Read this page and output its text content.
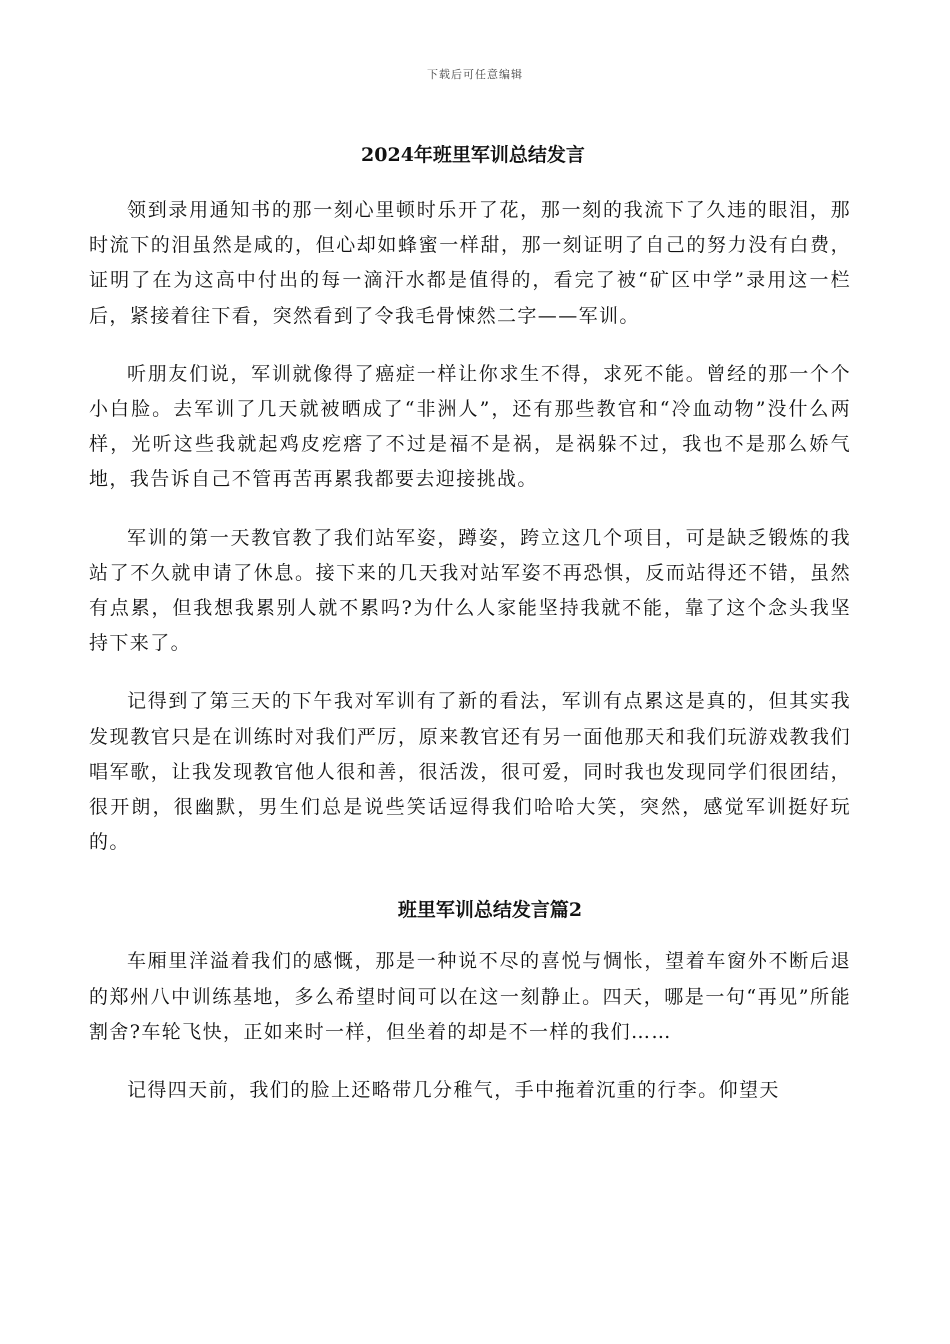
下载后可任意编辑
2024年班里军训总结发言

领到录用通知书的那一刻心里顿时乐开了花，那一刻的我流下了久违的眼泪，那时流下的泪虽然是咸的，但心却如蜂蜜一样甜，那一刻证明了自己的努力没有白费，证明了在为这高中付出的每一滴汗水都是值得的，看完了被“矿区中学”录用这一栏后，紧接着往下看，突然看到了令我毛骨悚然二字——军训。

听朋友们说，军训就像得了癌症一样让你求生不得，求死不能。曾经的那一个个小白脸。去军训了几天就被晒成了“非洲人”，还有那些教官和“冷血动物”没什么两样，光听这些我就起鸡皮疙瘩了不过是福不是祸，是祸躲不过，我也不是那么娇气地，我告诉自己不管再苦再累我都要去迎接挑战。

军训的第一天教官教了我们站军姿，蹲姿，跨立这几个项目，可是缺乏锻炼的我站了不久就申请了休息。接下来的几天我对站军姿不再恐惧，反而站得还不错，虽然有点累，但我想我累别人就不累吗?为什么人家能坚持我就不能，靠了这个念头我坚持下来了。

记得到了第三天的下午我对军训有了新的看法，军训有点累这是真的，但其实我发现教官只是在训练时对我们严厉，原来教官还有另一面他那天和我们玩游戏教我们唱军歌，让我发现教官他人很和善，很活泼，很可爱，同时我也发现同学们很团结，很开朗，很幽默，男生们总是说些笑话逗得我们哈哈大笑，突然，感觉军训挺好玩的。

班里军训总结发言篇2

车厢里洋溢着我们的感慨，那是一种说不尽的喜悦与惆怅，望着车窗外不断后退的郑州八中训练基地，多么希望时间可以在这一刻静止。四天，哪是一句“再见”所能割舍?车轮飞快，正如来时一样，但坐着的却是不一样的我们……

记得四天前，我们的脸上还略带几分稚气，手中拖着沉重的行李。仰望天
